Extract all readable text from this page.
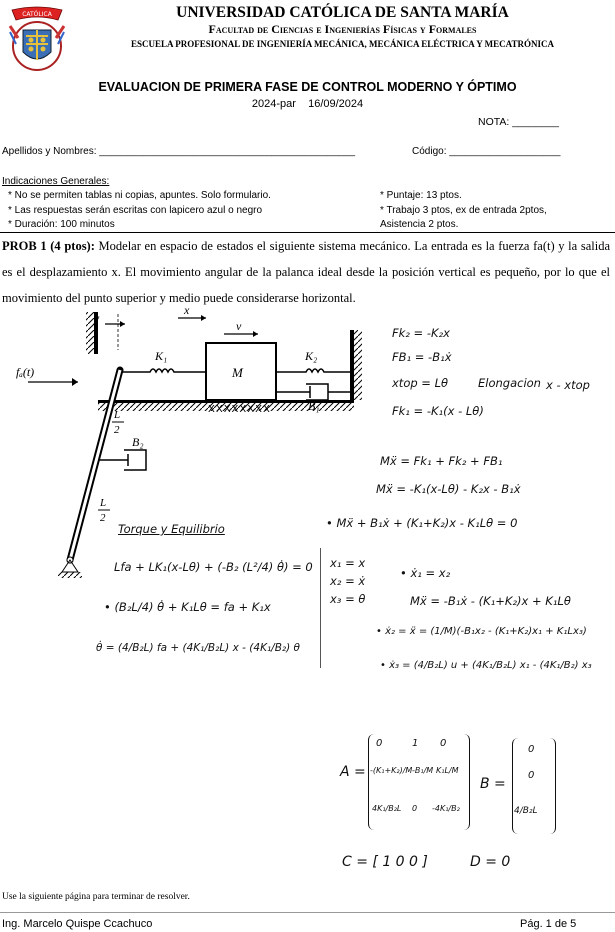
CATÓLICA	UNIVERSIDAD CATÓLICA DE SANTA MARÍA
Facultad de Ciencias e Ingenierías Físicas y Formales
ESCUELA PROFESIONAL DE INGENIERÍA MECÁNICA, MECÁNICA ELÉCTRICA Y MECATRÓNICA
EVALUACION DE PRIMERA FASE DE CONTROL MODERNO Y ÓPTIMO
2024-par    16/09/2024
NOTA: ________
Apellidos y Nombres: ______________________________________________	Código: ____________________
Indicaciones Generales:
* No se permiten tablas ni copias, apuntes. Solo formulario.
* Las respuestas serán escritas con lapicero azul o negro
* Duración: 100 minutos
* Puntaje: 13 ptos.
* Trabajo 3 ptos, ex de entrada 2ptos,
Asistencia 2 ptos.
PROB 1 (4 ptos): Modelar en espacio de estados el siguiente sistema mecánico. La entrada es la fuerza fa(t) y la salida es el desplazamiento x. El movimiento angular de la palanca ideal desde la posición vertical es pequeño, por lo que el movimiento del punto superior y medio puede considerarse horizontal.
M
XXXXXXXX
K₁	K₂
B₁
B₂
fₐ(t)
y
x
v
L
2
L
2
Fk₂ = -K₂x
FB₁ = -B₁ẋ
xtop = Lθ	Elongacion x - xtop
Fk₁ = -K₁(x - Lθ)
Mẍ = Fk₁ + Fk₂ + FB₁
Mẍ = -K₁(x-Lθ) - K₂x - B₁ẋ
• Mẍ + B₁ẋ + (K₁+K₂)x - K₁Lθ = 0
Torque y Equilibrio
Lfa + LK₁(x-Lθ) + (-B₂ (L²/4) θ̇) = 0
• (B₂L/4) θ̇ + K₁Lθ = fa + K₁x
θ̇ = (4/B₂L) fa + (4K₁/B₂L) x - (4K₁/B₂) θ
x₁ = x
x₂ = ẋ
x₃ = θ
• ẋ₁ = x₂
Mẍ = -B₁ẋ - (K₁+K₂)x + K₁Lθ
• ẋ₂ = ẍ = (1/M)(-B₁x₂ - (K₁+K₂)x₁ + K₁Lx₃)
• ẋ₃ = (4/B₂L) u + (4K₁/B₂L) x₁ - (4K₁/B₂) x₃
A =
0	1 0
-(K₁+K₂)/M -B₁/M K₁L/M
4K₁/B₂L 0 -4K₁/B₂
B =
0
0
4/B₂L
C = [ 1 0 0 ]	D = 0
Use la siguiente página para terminar de resolver.
Ing. Marcelo Quispe Ccachuco	Pág. 1 de 5
